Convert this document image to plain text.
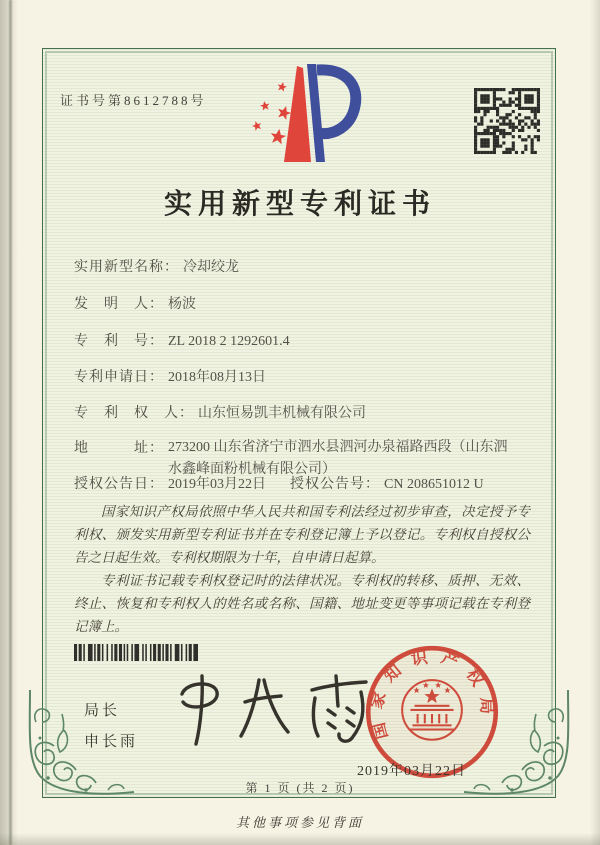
证书号第8612788号
实用新型专利证书
实用新型名称： 冷却绞龙
发　明　人： 杨波
专　利　号： ZL 2018 2 1292601.4
专利申请日： 2018年08月13日
专　利　权　人： 山东恒易凯丰机械有限公司
地　　　址： 273200 山东省济宁市泗水县泗河办泉福路西段（山东泗水鑫峰面粉机械有限公司）
授权公告日： 2019年03月22日 授权公告号： CN 208651012 U

国家知识产权局依照中华人民共和国专利法经过初步审查，决定授予专利权、颁发实用新型专利证书并在专利登记簿上予以登记。专利权自授权公告之日起生效。专利权期限为十年，自申请日起算。

专利证书记载专利权登记时的法律状况。专利权的转移、质押、无效、终止、恢复和专利权人的姓名或名称、国籍、地址变更等事项记载在专利登记簿上。

局长
申长雨
国家知识产权局
2019年03月22日
第 1 页 (共 2 页)
其他事项参见背面
